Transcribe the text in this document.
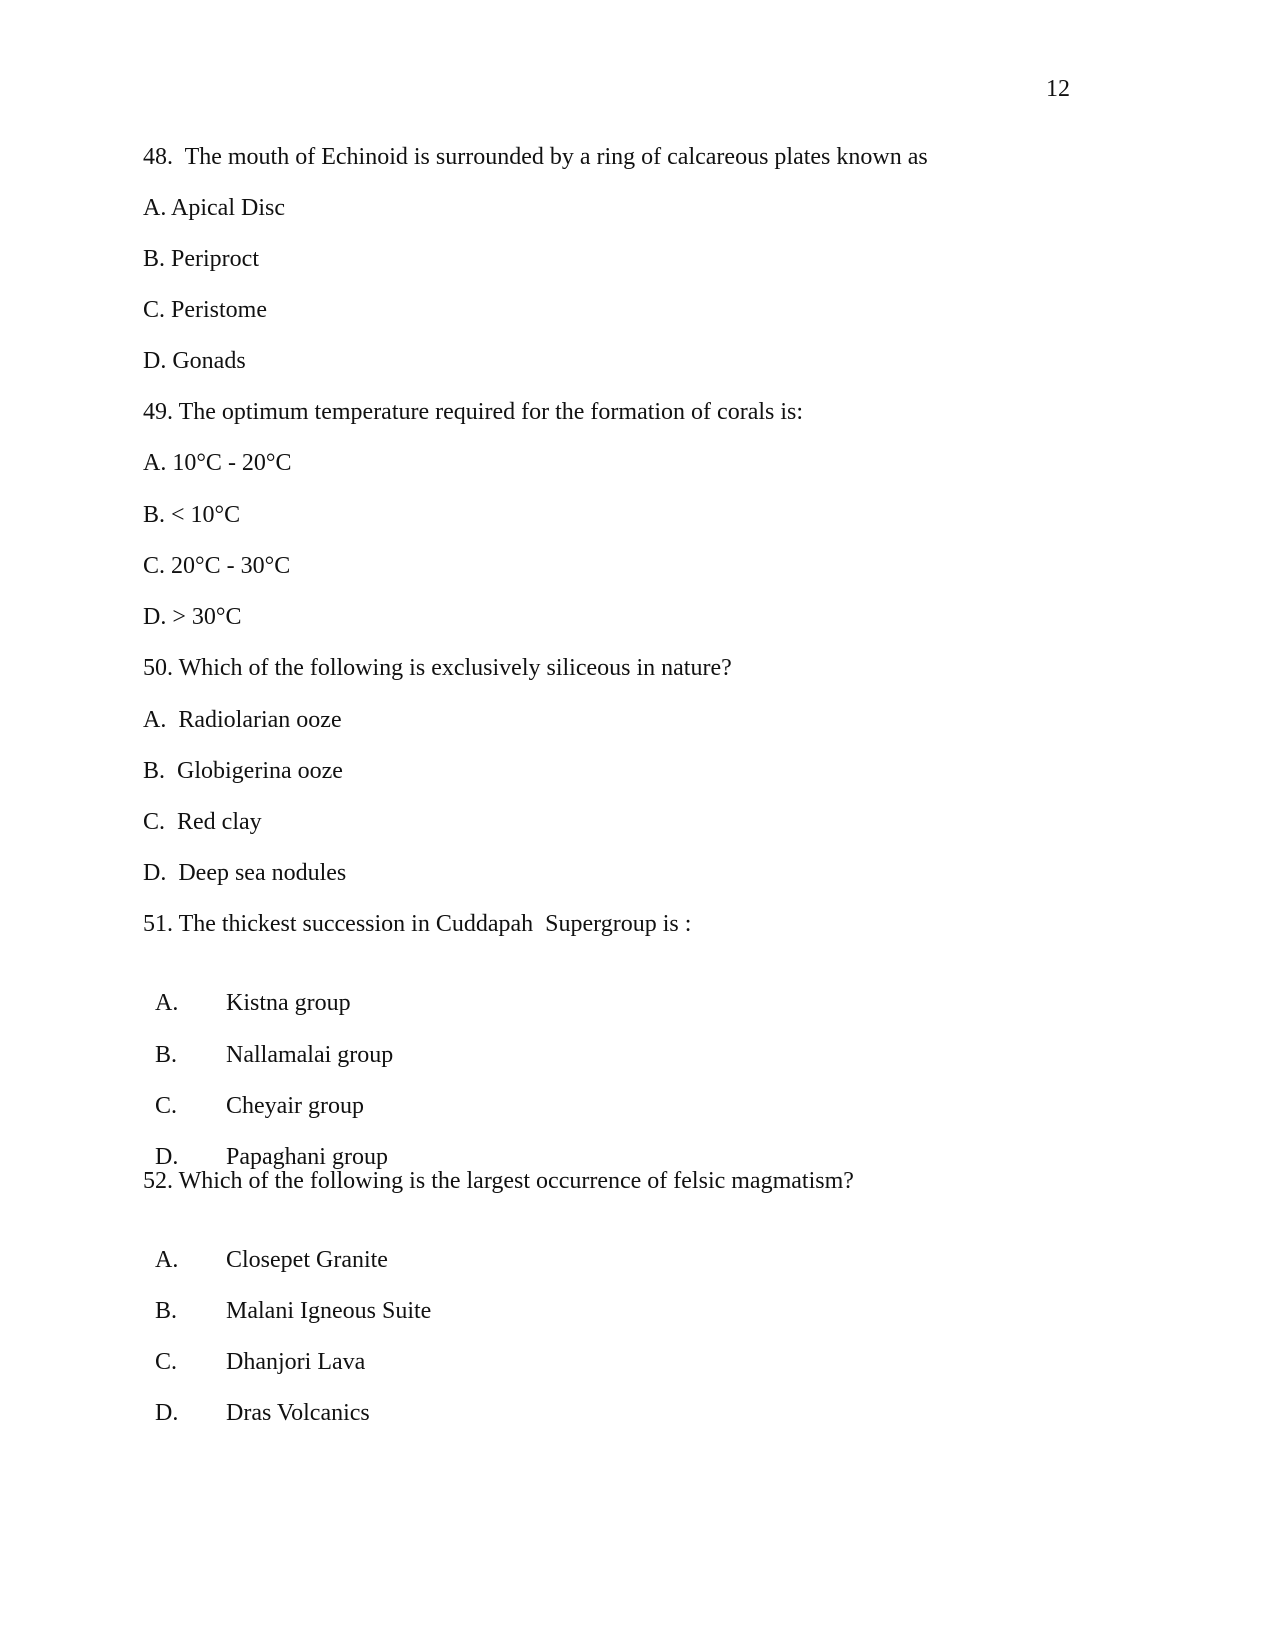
12
48.  The mouth of Echinoid is surrounded by a ring of calcareous plates known as
A. Apical Disc
B. Periproct
C. Peristome
D. Gonads
49. The optimum temperature required for the formation of corals is:
A. 10°C - 20°C
B. < 10°C
C. 20°C - 30°C
D. > 30°C
50. Which of the following is exclusively siliceous in nature?
A.  Radiolarian ooze
B.  Globigerina ooze
C.  Red clay
D.  Deep sea nodules
51. The thickest succession in Cuddapah  Supergroup is :

A. Kistna group

B. Nallamalai group

C. Cheyair group

D. Papaghani group

52. Which of the following is the largest occurrence of felsic magmatism?

A. Closepet Granite

B. Malani Igneous Suite

C. Dhanjori Lava

D. Dras Volcanics
